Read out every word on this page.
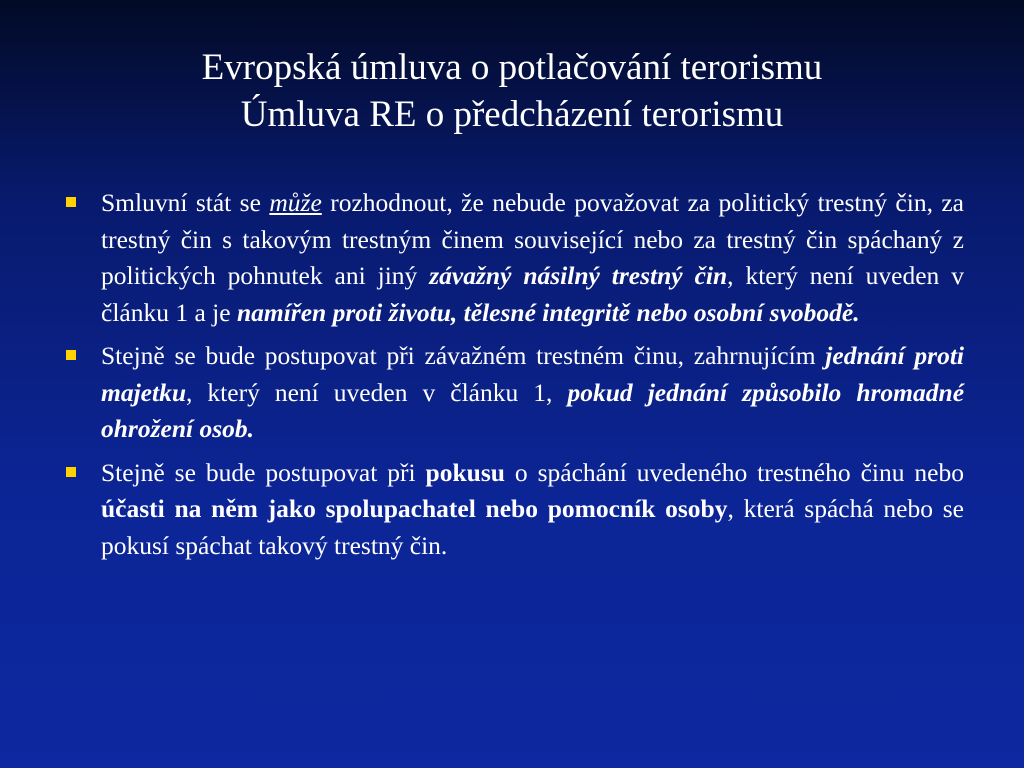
Evropská úmluva o potlačování terorismu
Úmluva RE o předcházení terorismu
Smluvní stát se může rozhodnout, že nebude považovat za politický trestný čin, za trestný čin s takovým trestným činem související nebo za trestný čin spáchaný z politických pohnutek ani jiný závažný násilný trestný čin, který není uveden v článku 1 a je namířen proti životu, tělesné integritě nebo osobní svobodě.
Stejně se bude postupovat při závažném trestném činu, zahrnujícím jednání proti majetku, který není uveden v článku 1, pokud jednání způsobilo hromadné ohrožení osob.
Stejně se bude postupovat při pokusu o spáchání uvedeného trestného činu nebo účasti na něm jako spolupachatel nebo pomocník osoby, která spáchá nebo se pokusí spáchat takový trestný čin.
